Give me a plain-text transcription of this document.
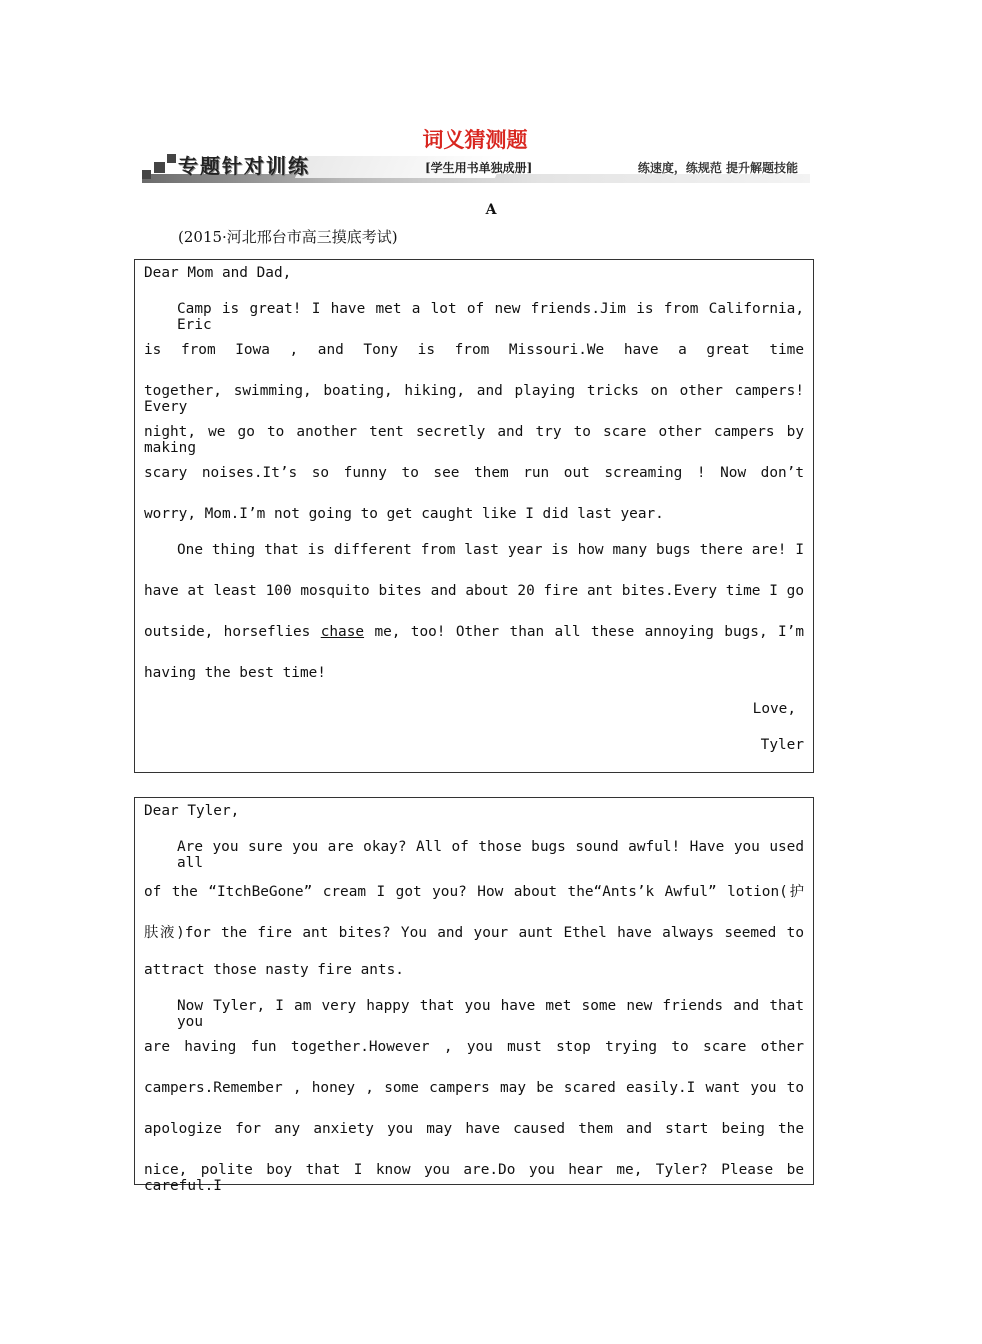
词义猜测题
专题针对训练	[学生用书单独成册]	练速度，练规范 提升解题技能
A
(2015·河北邢台市高三摸底考试)
Dear Mom and Dad,
Camp is great! I have met a lot of new friends.Jim is from California, Eric
is from Iowa , and Tony is from Missouri.We have a great time
together, swimming, boating, hiking, and playing tricks on other campers! Every
night, we go to another tent secretly and try to scare other campers by making
scary noises.It’s so funny to see them run out screaming ! Now don’t
worry, Mom.I’m not going to get caught like I did last year.
One thing that is different from last year is how many bugs there are! I
have at least 100 mosquito bites and about 20 fire ant bites.Every time I go
outside, horseflies chase me, too! Other than all these annoying bugs, I’m
having the best time!
Love,
Tyler
Dear Tyler,
Are you sure you are okay? All of those bugs sound awful! Have you used all
of the “ItchBeGone” cream I got you? How about the“Ants’k Awful” lotion(护
肤液)for the fire ant bites? You and your aunt Ethel have always seemed to
attract those nasty fire ants.
Now Tyler, I am very happy that you have met some new friends and that you
are having fun together.However , you must stop trying to scare other
campers.Remember , honey , some campers may be scared easily.I want you to
apologize for any anxiety you may have caused them and start being the
nice, polite boy that I know you are.Do you hear me, Tyler? Please be careful.I
